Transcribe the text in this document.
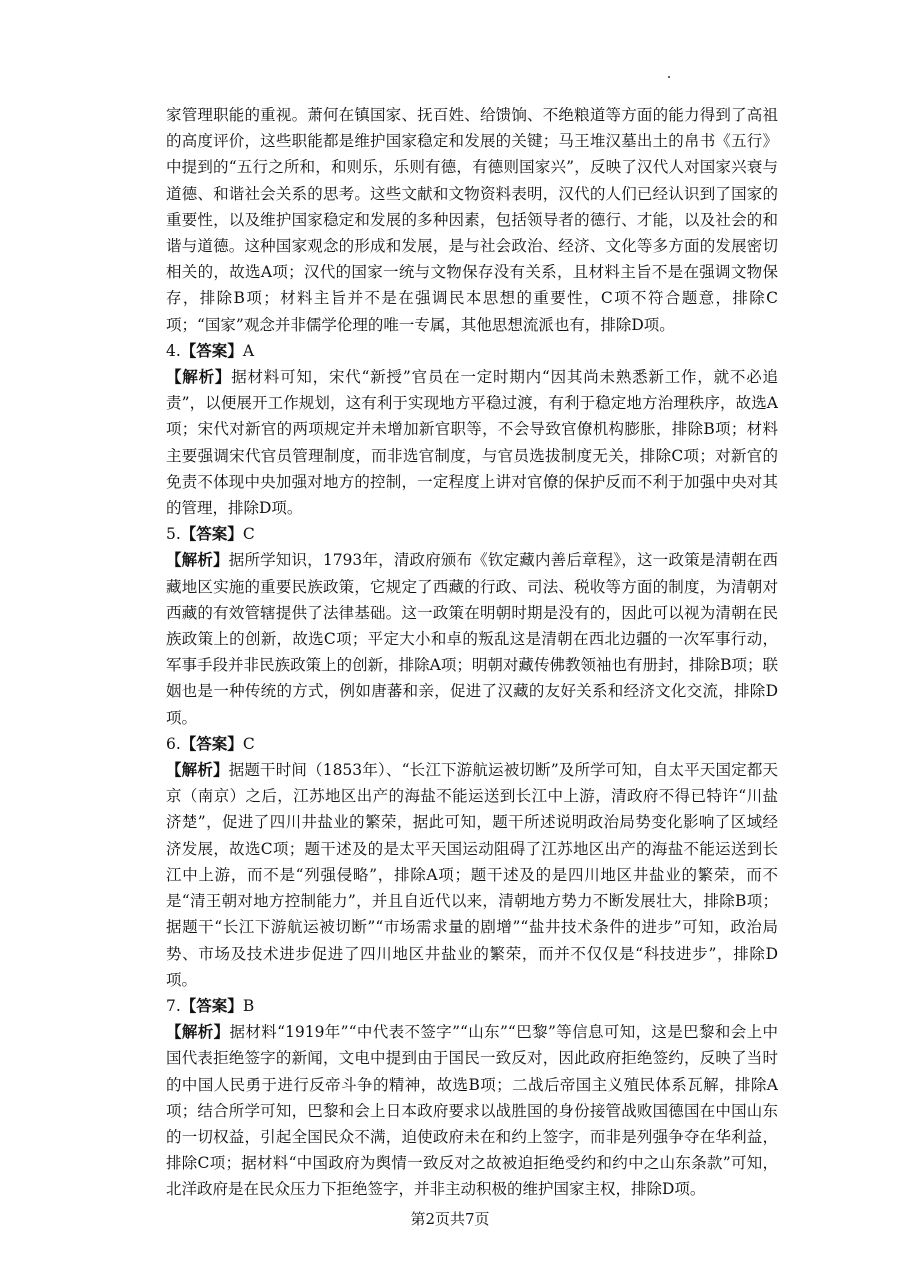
家管理职能的重视。萧何在镇国家、抚百姓、给馈饷、不绝粮道等方面的能力得到了高祖的高度评价，这些职能都是维护国家稳定和发展的关键；马王堆汉墓出土的帛书《五行》中提到的“五行之所和，和则乐，乐则有德，有德则国家兴”，反映了汉代人对国家兴衰与道德、和谐社会关系的思考。这些文献和文物资料表明，汉代的人们已经认识到了国家的重要性，以及维护国家稳定和发展的多种因素，包括领导者的德行、才能，以及社会的和谐与道德。这种国家观念的形成和发展，是与社会政治、经济、文化等多方面的发展密切相关的，故选A项；汉代的国家一统与文物保存没有关系，且材料主旨不是在强调文物保存，排除B项；材料主旨并不是在强调民本思想的重要性，C项不符合题意，排除C项；“国家”观念并非儒学伦理的唯一专属，其他思想流派也有，排除D项。

4.【答案】A

【解析】据材料可知，宋代“新授”官员在一定时期内“因其尚未熟悉新工作，就不必追责”，以便展开工作规划，这有利于实现地方平稳过渡，有利于稳定地方治理秩序，故选A项；宋代对新官的两项规定并未增加新官职等，不会导致官僚机构膨胀，排除B项；材料主要强调宋代官员管理制度，而非选官制度，与官员选拔制度无关，排除C项；对新官的免责不体现中央加强对地方的控制，一定程度上讲对官僚的保护反而不利于加强中央对其的管理，排除D项。

5.【答案】C

【解析】据所学知识，1793年，清政府颁布《钦定藏内善后章程》，这一政策是清朝在西藏地区实施的重要民族政策，它规定了西藏的行政、司法、税收等方面的制度，为清朝对西藏的有效管辖提供了法律基础。这一政策在明朝时期是没有的，因此可以视为清朝在民族政策上的创新，故选C项；平定大小和卓的叛乱这是清朝在西北边疆的一次军事行动，军事手段并非民族政策上的创新，排除A项；明朝对藏传佛教领袖也有册封，排除B项；联姻也是一种传统的方式，例如唐蕃和亲，促进了汉藏的友好关系和经济文化交流，排除D项。

6.【答案】C

【解析】据题干时间（1853年）、“长江下游航运被切断”及所学可知，自太平天国定都天京（南京）之后，江苏地区出产的海盐不能运送到长江中上游，清政府不得已特许“川盐济楚”，促进了四川井盐业的繁荣，据此可知，题干所述说明政治局势变化影响了区域经济发展，故选C项；题干述及的是太平天国运动阻碍了江苏地区出产的海盐不能运送到长江中上游，而不是“列强侵略”，排除A项；题干述及的是四川地区井盐业的繁荣，而不是“清王朝对地方控制能力”，并且自近代以来，清朝地方势力不断发展壮大，排除B项；据题干“长江下游航运被切断”“市场需求量的剧增”“盐井技术条件的进步”可知，政治局势、市场及技术进步促进了四川地区井盐业的繁荣，而并不仅仅是“科技进步”，排除D项。

7.【答案】B

【解析】据材料“1919年”“中代表不签字”“山东”“巴黎”等信息可知，这是巴黎和会上中国代表拒绝签字的新闻，文电中提到由于国民一致反对，因此政府拒绝签约，反映了当时的中国人民勇于进行反帝斗争的精神，故选B项；二战后帝国主义殖民体系瓦解，排除A项；结合所学可知，巴黎和会上日本政府要求以战胜国的身份接管战败国德国在中国山东的一切权益，引起全国民众不满，迫使政府未在和约上签字，而非是列强争夺在华利益，排除C项；据材料“中国政府为舆情一致反对之故被迫拒绝受约和约中之山东条款”可知，北洋政府是在民众压力下拒绝签字，并非主动积极的维护国家主权，排除D项。

第2页共7页
